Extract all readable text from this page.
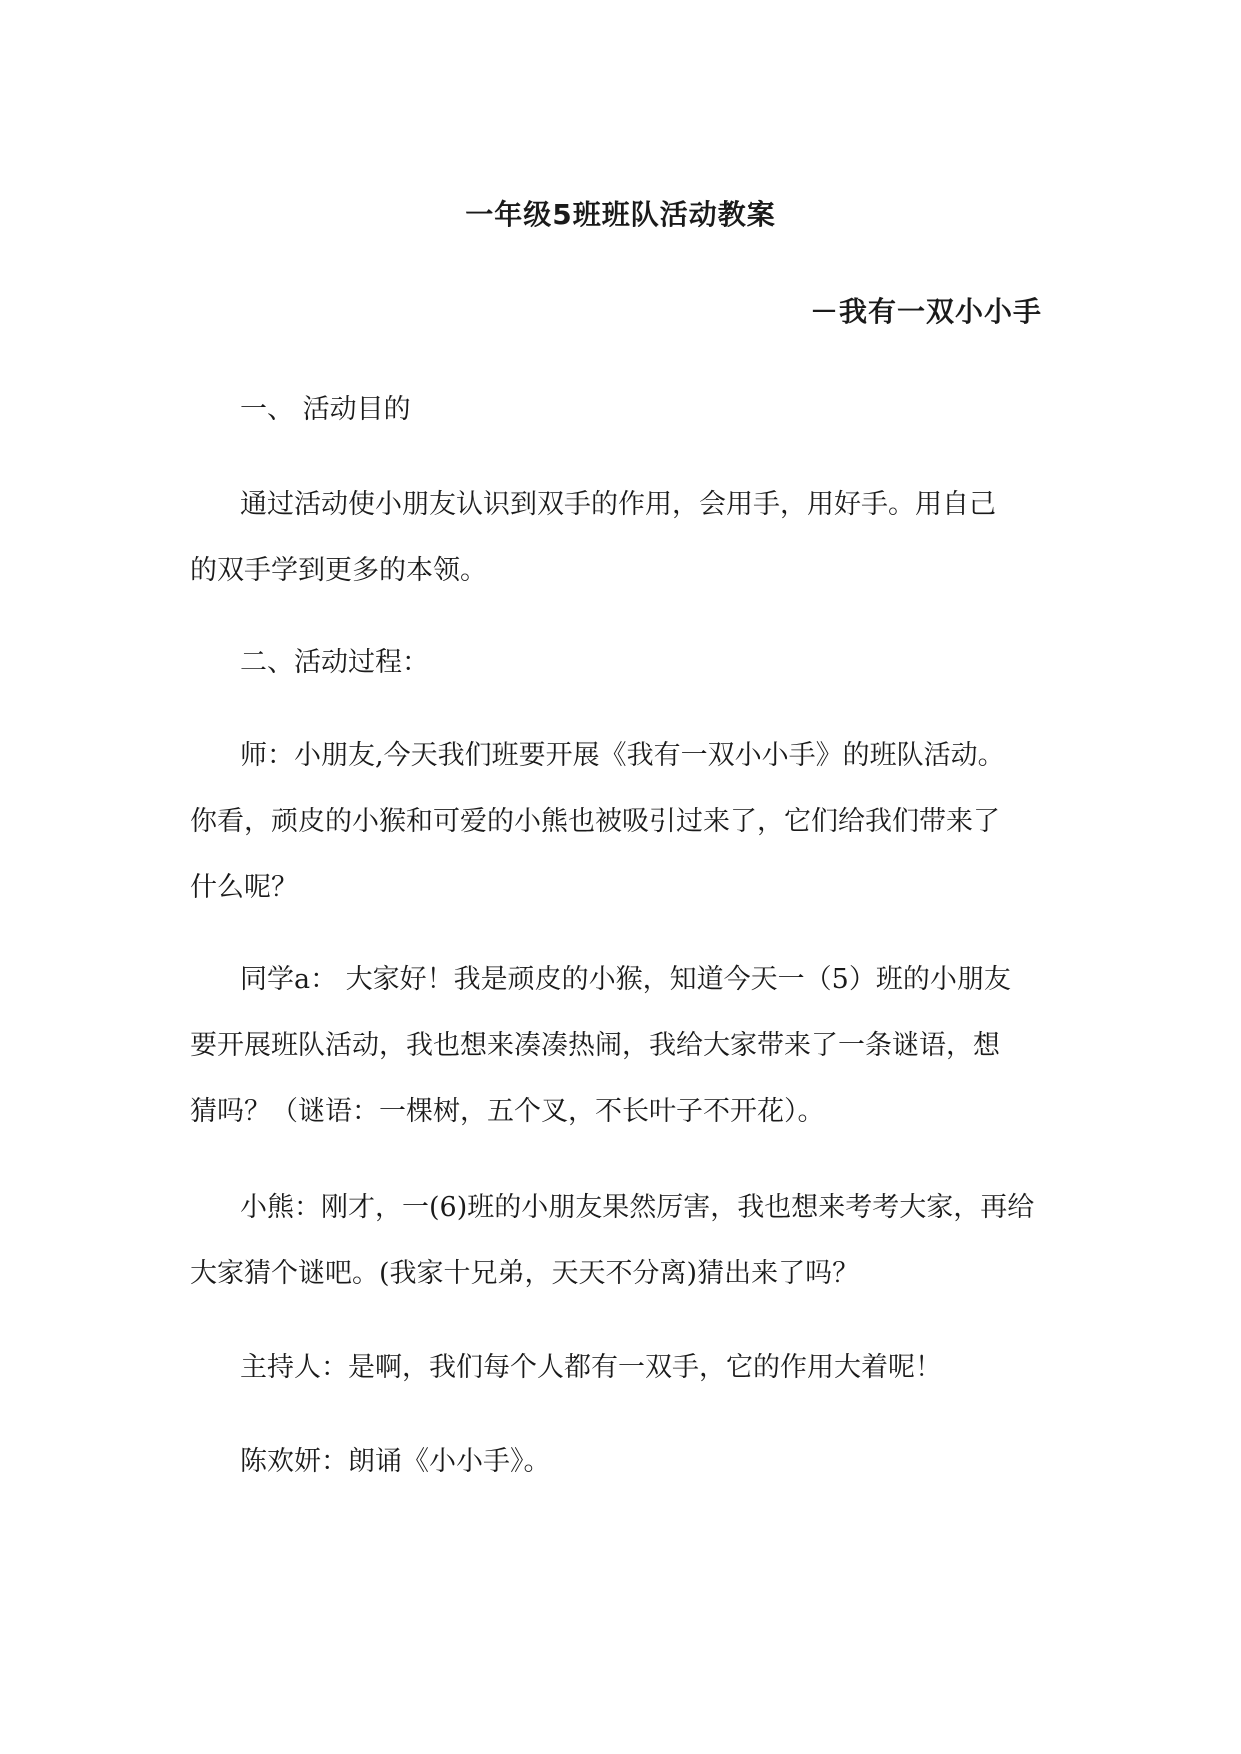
一年级5班班队活动教案
－我有一双小小手
一、 活动目的
通过活动使小朋友认识到双手的作用，会用手，用好手。用自己
的双手学到更多的本领。
二、活动过程：
师：小朋友,今天我们班要开展《我有一双小小手》的班队活动。
你看，顽皮的小猴和可爱的小熊也被吸引过来了，它们给我们带来了
什么呢？
同学a： 大家好！我是顽皮的小猴，知道今天一（5）班的小朋友
要开展班队活动，我也想来凑凑热闹，我给大家带来了一条谜语，想
猜吗？（谜语：一棵树，五个叉，不长叶子不开花）。
小熊：刚才，一(6)班的小朋友果然厉害，我也想来考考大家，再给
大家猜个谜吧。(我家十兄弟，天天不分离)猜出来了吗？
主持人：是啊，我们每个人都有一双手，它的作用大着呢！
陈欢妍：朗诵《小小手》。
